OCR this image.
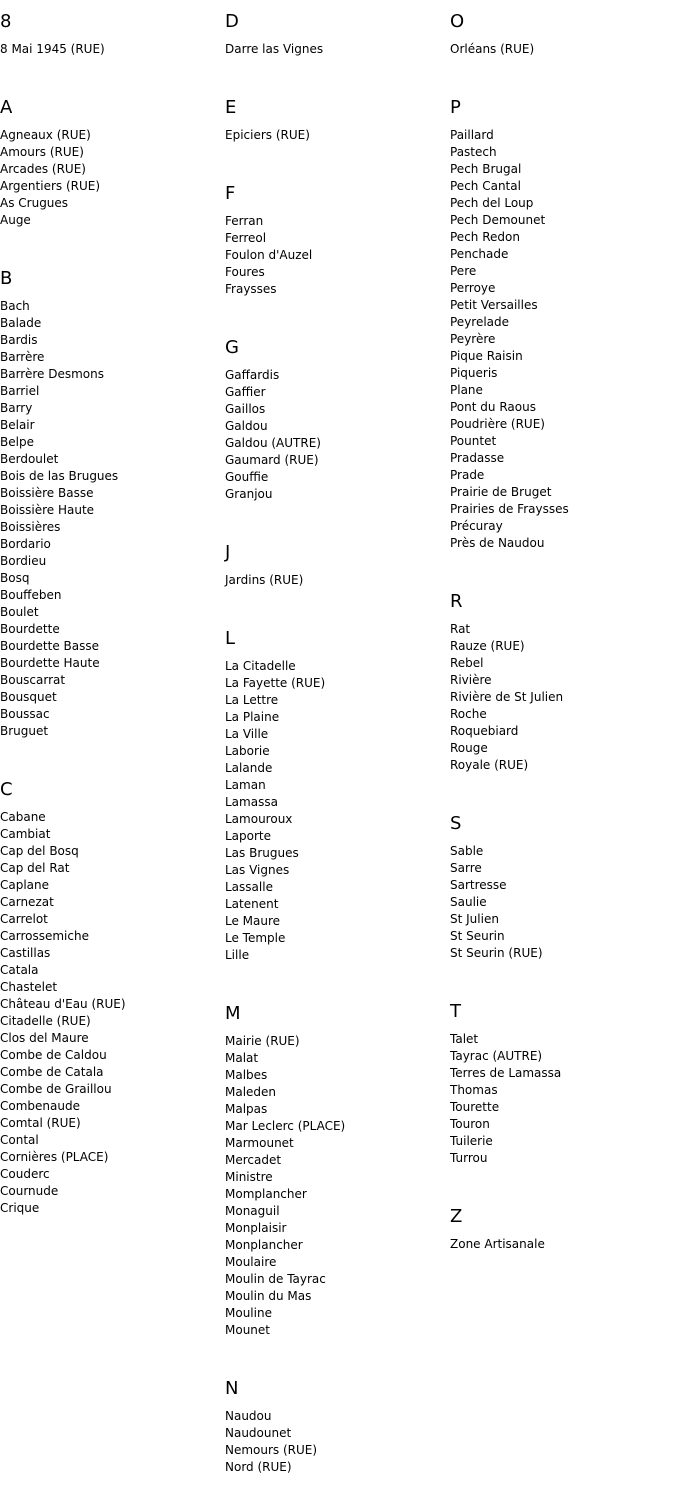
8
8 Mai 1945 (RUE)
A
Agneaux (RUE)
Amours (RUE)
Arcades (RUE)
Argentiers (RUE)
As Crugues
Auge
B
Bach
Balade
Bardis
Barrère
Barrère Desmons
Barriel
Barry
Belair
Belpe
Berdoulet
Bois de las Brugues
Boissière Basse
Boissière Haute
Boissières
Bordario
Bordieu
Bosq
Bouffeben
Boulet
Bourdette
Bourdette Basse
Bourdette Haute
Bouscarrat
Bousquet
Boussac
Bruguet
C
Cabane
Cambiat
Cap del Bosq
Cap del Rat
Caplane
Carnezat
Carrelot
Carrossemiche
Castillas
Catala
Chastelet
Château d'Eau (RUE)
Citadelle (RUE)
Clos del Maure
Combe de Caldou
Combe de Catala
Combe de Graillou
Combenaude
Comtal (RUE)
Contal
Cornières (PLACE)
Couderc
Cournude
Crique
D
Darre las Vignes
E
Epiciers (RUE)
F
Ferran
Ferreol
Foulon d'Auzel
Foures
Fraysses
G
Gaffardis
Gaffier
Gaillos
Galdou
Galdou (AUTRE)
Gaumard (RUE)
Gouffie
Granjou
J
Jardins (RUE)
L
La Citadelle
La Fayette (RUE)
La Lettre
La Plaine
La Ville
Laborie
Lalande
Laman
Lamassa
Lamouroux
Laporte
Las Brugues
Las Vignes
Lassalle
Latenent
Le Maure
Le Temple
Lille
M
Mairie (RUE)
Malat
Malbes
Maleden
Malpas
Mar Leclerc (PLACE)
Marmounet
Mercadet
Ministre
Momplancher
Monaguil
Monplaisir
Monplancher
Moulaire
Moulin de Tayrac
Moulin du Mas
Mouline
Mounet
N
Naudou
Naudounet
Nemours (RUE)
Nord (RUE)
O
Orléans (RUE)
P
Paillard
Pastech
Pech Brugal
Pech Cantal
Pech del Loup
Pech Demounet
Pech Redon
Penchade
Pere
Perroye
Petit Versailles
Peyrelade
Peyrère
Pique Raisin
Piqueris
Plane
Pont du Raous
Poudrière (RUE)
Pountet
Pradasse
Prade
Prairie de Bruget
Prairies de Fraysses
Précuray
Près de Naudou
R
Rat
Rauze (RUE)
Rebel
Rivière
Rivière de St Julien
Roche
Roquebiard
Rouge
Royale (RUE)
S
Sable
Sarre
Sartresse
Saulie
St Julien
St Seurin
St Seurin (RUE)
T
Talet
Tayrac (AUTRE)
Terres de Lamassa
Thomas
Tourette
Touron
Tuilerie
Turrou
Z
Zone Artisanale
